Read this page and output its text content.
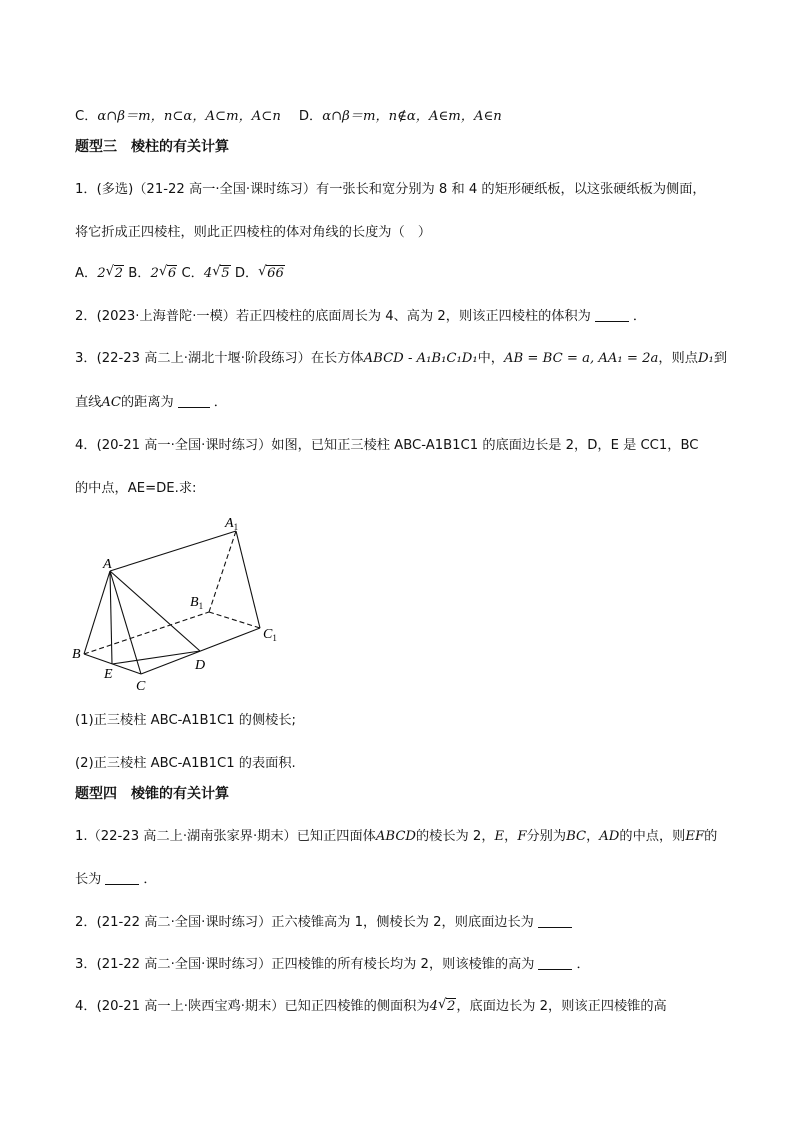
C．α∩β＝m，n⊂α，A⊂m，A⊂n D．α∩β＝m，n∉α，A∈m，A∈n
题型三　棱柱的有关计算
1．(多选)（21-22 高一·全国·课时练习）有一张长和宽分别为 8 和 4 的矩形硬纸板，以这张硬纸板为侧面，
将它折成正四棱柱，则此正四棱柱的体对角线的长度为（　）
A．2 √ 2 B．2 √ 6 C．4 √ 5 D． √ 66
2．(2023·上海普陀·一模）若正四棱柱的底面周长为 4、高为 2，则该正四棱柱的体积为	．
3．(22-23 高二上·湖北十堰·阶段练习）在长方体ABCD - A₁B₁C₁D₁中，AB = BC = a, AA₁ = 2a，则点D₁到
直线AC的距离为	．
4．(20-21 高一·全国·课时练习）如图，已知正三棱柱 ABC-A1B1C1 的底面边长是 2，D，E 是 CC1，BC
的中点，AE=DE.求:
$A_1$
A
$B_1$
$C_1$
B
D
E
C
(1)正三棱柱 ABC-A1B1C1 的侧棱长;
(2)正三棱柱 ABC-A1B1C1 的表面积.
题型四　棱锥的有关计算
1.（22-23 高二上·湖南张家界·期末）已知正四面体ABCD的棱长为 2，E，F分别为BC，AD的中点，则EF的
长为	．
2．(21-22 高二·全国·课时练习）正六棱锥高为 1，侧棱长为 2，则底面边长为
3．(21-22 高二·全国·课时练习）正四棱锥的所有棱长均为 2，则该棱锥的高为	．
4．(20-21 高一上·陕西宝鸡·期末）已知正四棱锥的侧面积为4 √ 2，底面边长为 2，则该正四棱锥的高
